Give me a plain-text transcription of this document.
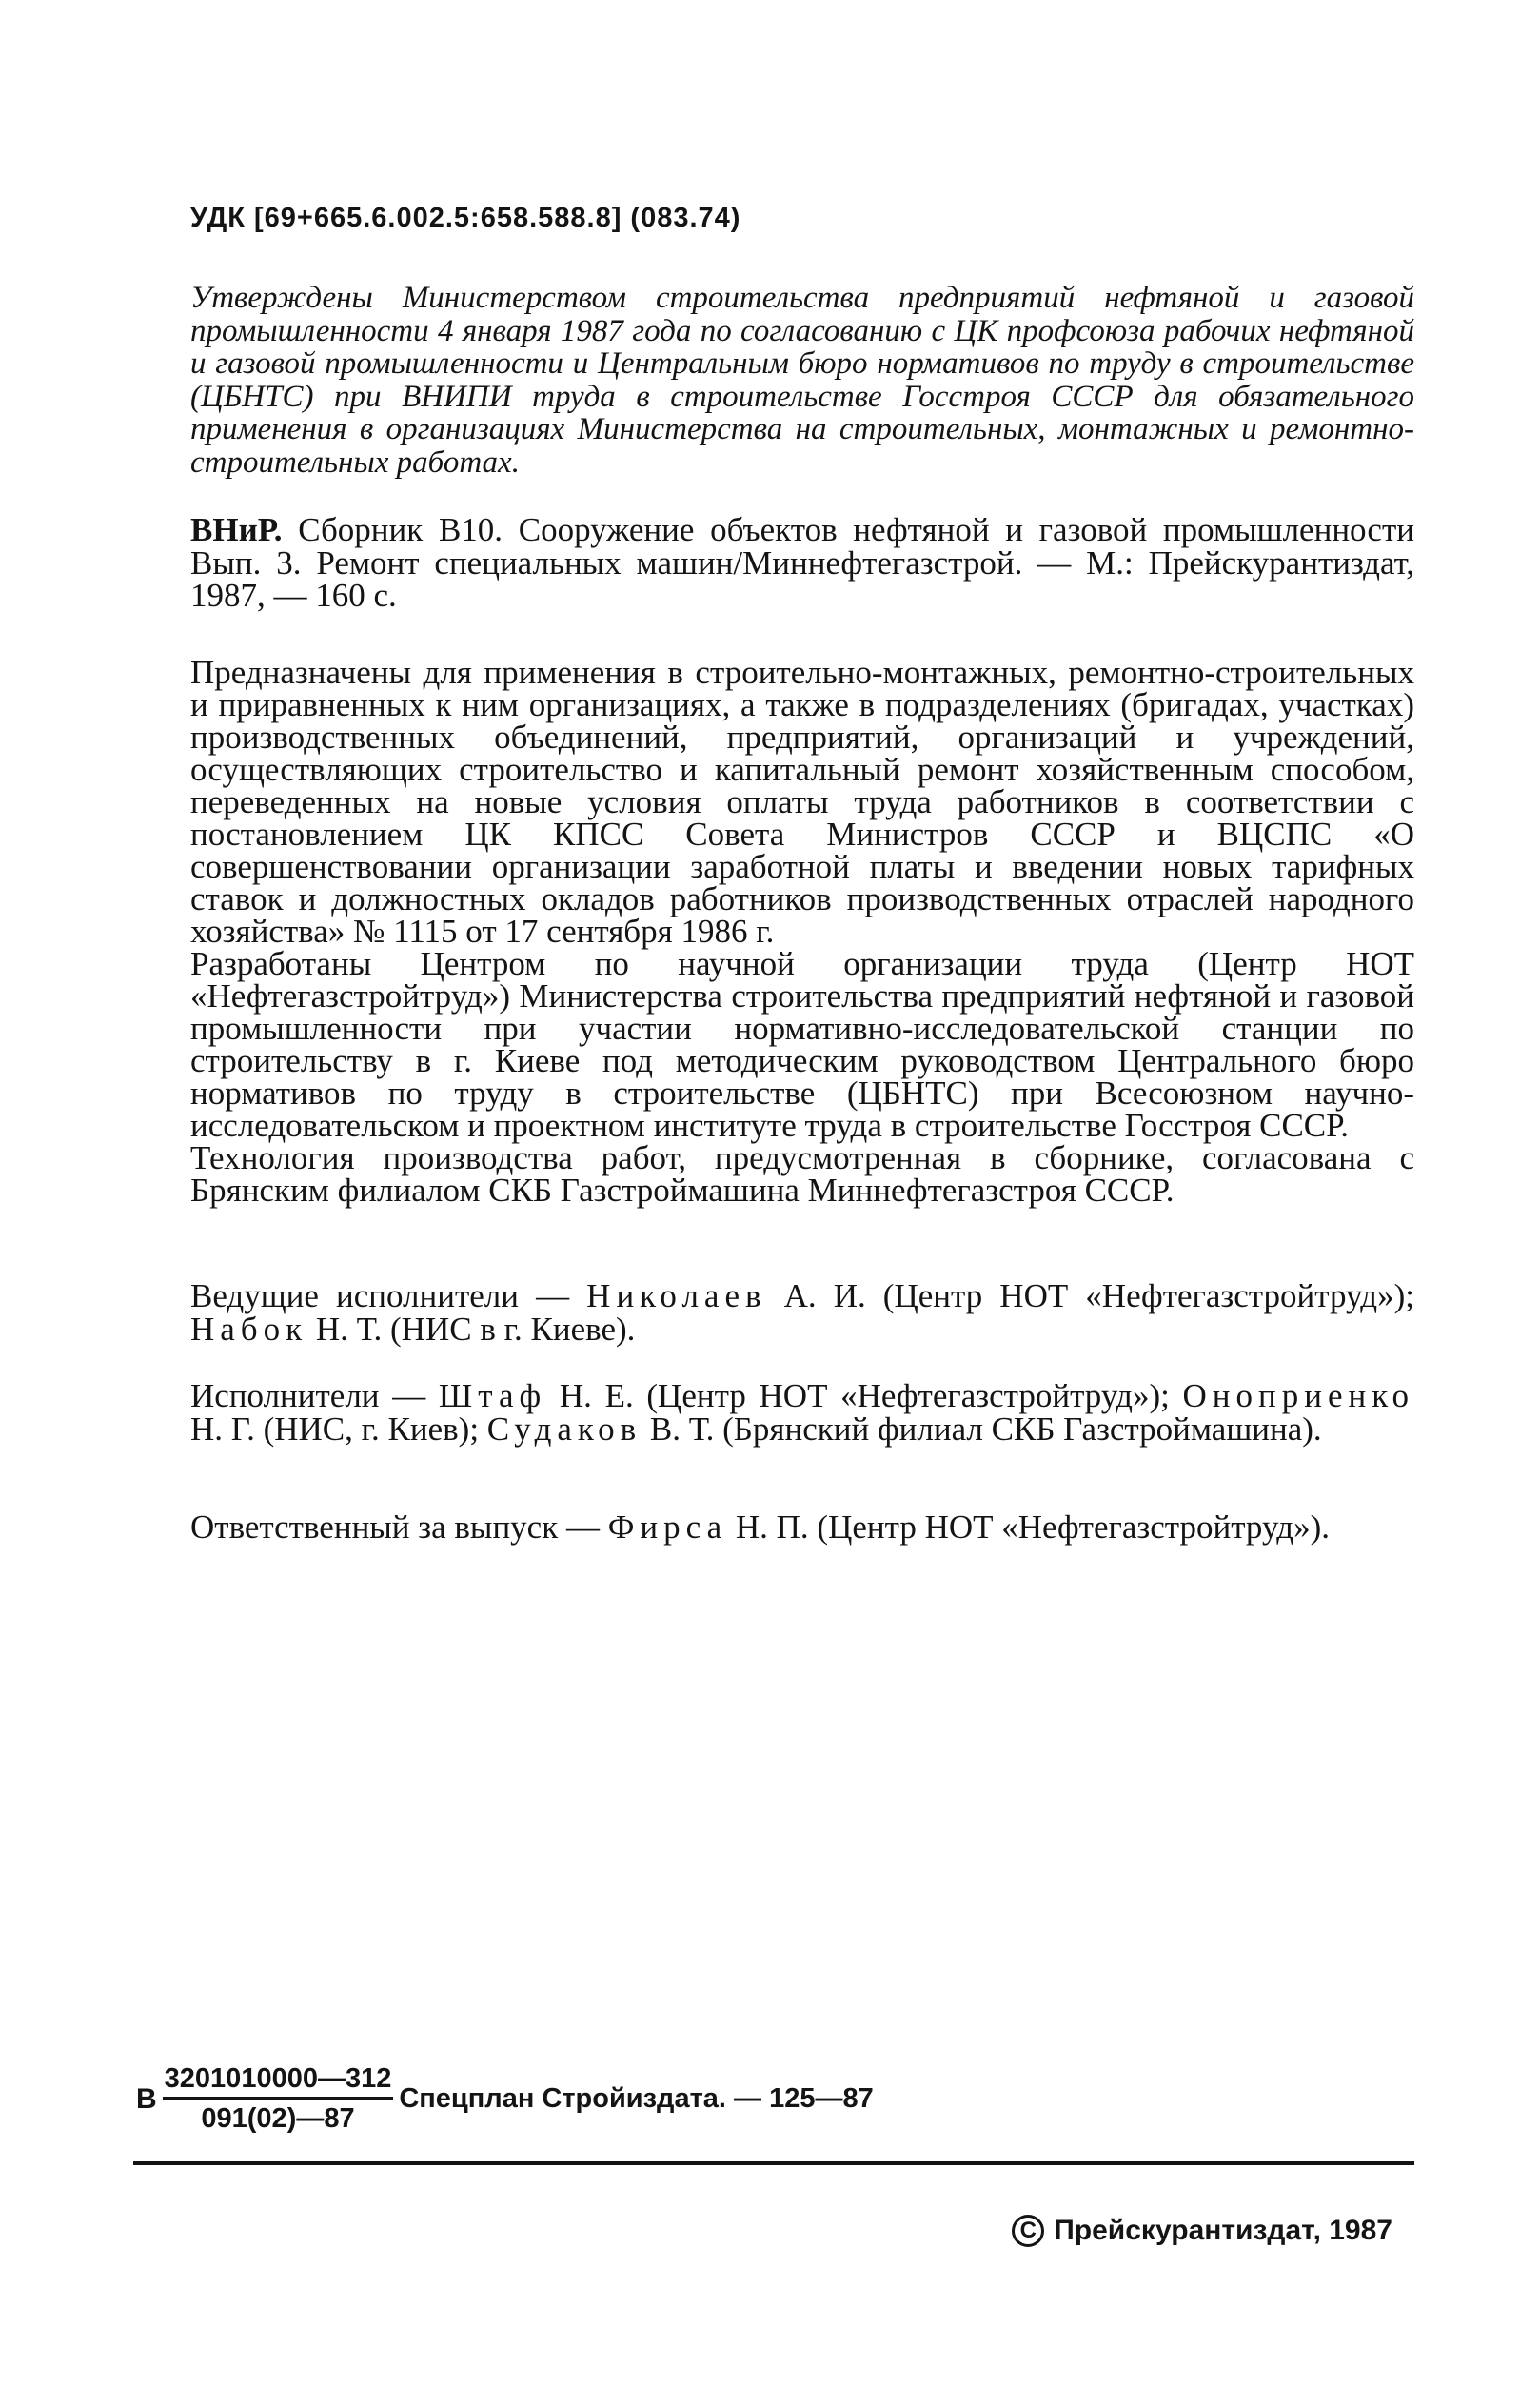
УДК [69+665.6.002.5:658.588.8] (083.74)

Утверждены Министерством строительства предприятий нефтяной и газовой промышленности 4 января 1987 года по согласованию с ЦК профсоюза рабочих нефтяной и газовой промышленности и Центральным бюро нормативов по труду в строительстве (ЦБНТС) при ВНИПИ труда в строительстве Госстроя СССР для обязательного применения в организациях Министерства на строительных, монтажных и ремонтно-строительных работах.

ВНиР. Сборник В10. Сооружение объектов нефтяной и газовой промышленности Вып. 3. Ремонт специальных машин/Миннефтегазстрой. — М.: Прейскурантиздат, 1987, — 160 с.

Предназначены для применения в строительно-монтажных, ремонтно-строительных и приравненных к ним организациях, а также в подразделениях (бригадах, участках) производственных объединений, предприятий, организаций и учреждений, осуществляющих строительство и капитальный ремонт хозяйственным способом, переведенных на новые условия оплаты труда работников в соответствии с постановлением ЦК КПСС Совета Министров СССР и ВЦСПС «О совершенствовании организации заработной платы и введении новых тарифных ставок и должностных окладов работников производственных отраслей народного хозяйства» № 1115 от 17 сентября 1986 г.

Разработаны Центром по научной организации труда (Центр НОТ «Нефтегазстройтруд») Министерства строительства предприятий нефтяной и газовой промышленности при участии нормативно-исследовательской станции по строительству в г. Киеве под методическим руководством Центрального бюро нормативов по труду в строительстве (ЦБНТС) при Всесоюзном научно-исследовательском и проектном институте труда в строительстве Госстроя СССР.

Технология производства работ, предусмотренная в сборнике, согласована с Брянским филиалом СКБ Газстроймашина Миннефтегазстроя СССР.

Ведущие исполнители — Николаев А. И. (Центр НОТ «Нефтегазстройтруд»); Набок Н. Т. (НИС в г. Киеве).

Исполнители — Штаф Н. Е. (Центр НОТ «Нефтегазстройтруд»); Оноприенко Н. Г. (НИС, г. Киев); Судаков В. Т. (Брянский филиал СКБ Газстроймашина).

Ответственный за выпуск — Фирса Н. П. (Центр НОТ «Нефтегазстройтруд»).

В $\frac{3201010000—312}{091(02)—87}$ Спецплан Стройиздата. — 125—87
C Прейскурантиздат, 1987
